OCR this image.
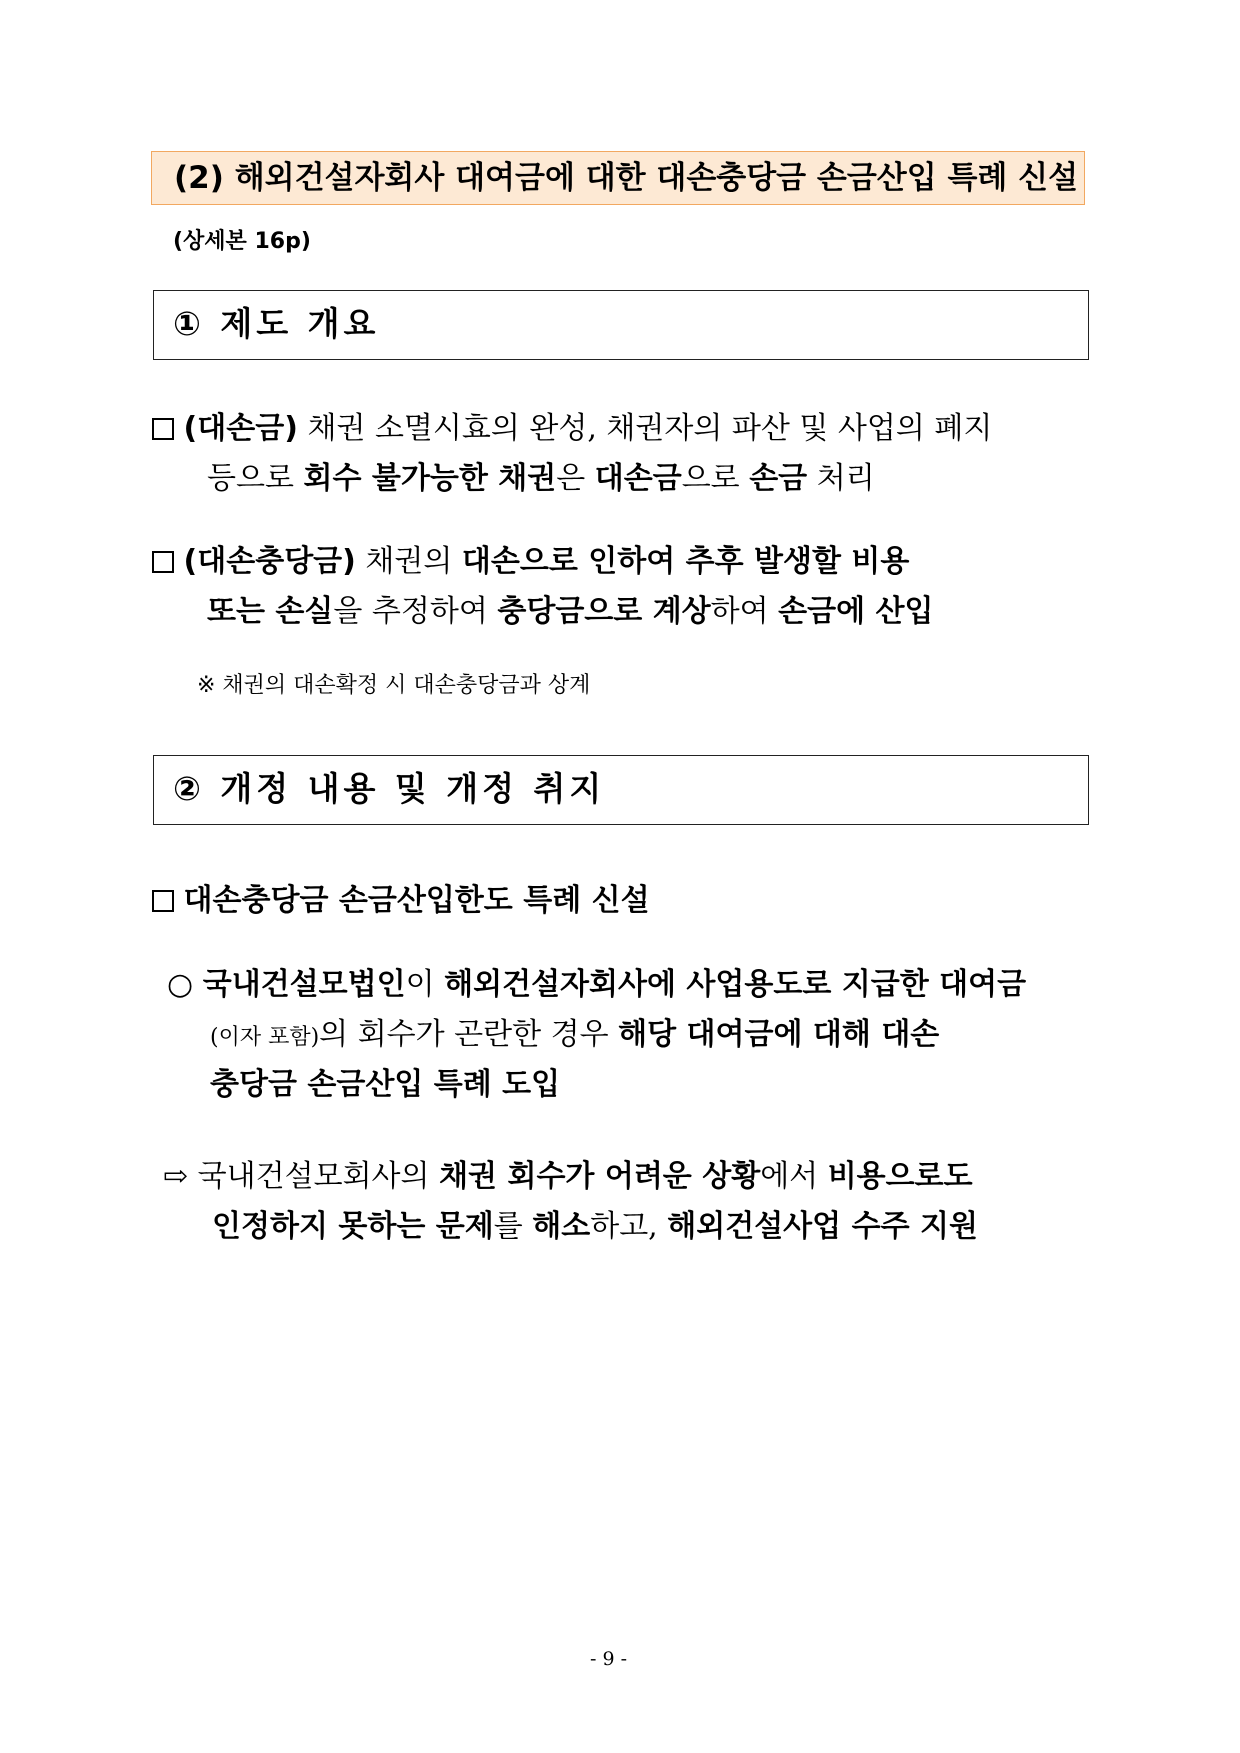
(2) 해외건설자회사 대여금에 대한 대손충당금 손금산입 특례 신설
(상세본 16p)
① 제도 개요
(대손금) 채권 소멸시효의 완성, 채권자의 파산 및 사업의 폐지
등으로 회수 불가능한 채권은 대손금으로 손금 처리
(대손충당금) 채권의 대손으로 인하여 추후 발생할 비용
또는 손실을 추정하여 충당금으로 계상하여 손금에 산입
※ 채권의 대손확정 시 대손충당금과 상계
② 개정 내용 및 개정 취지
대손충당금 손금산입한도 특례 신설
○ 국내건설모법인이 해외건설자회사에 사업용도로 지급한 대여금
(이자 포함)의 회수가 곤란한 경우 해당 대여금에 대해 대손
충당금 손금산입 특례 도입
⇨ 국내건설모회사의 채권 회수가 어려운 상황에서 비용으로도
인정하지 못하는 문제를 해소하고, 해외건설사업 수주 지원
- 9 -
